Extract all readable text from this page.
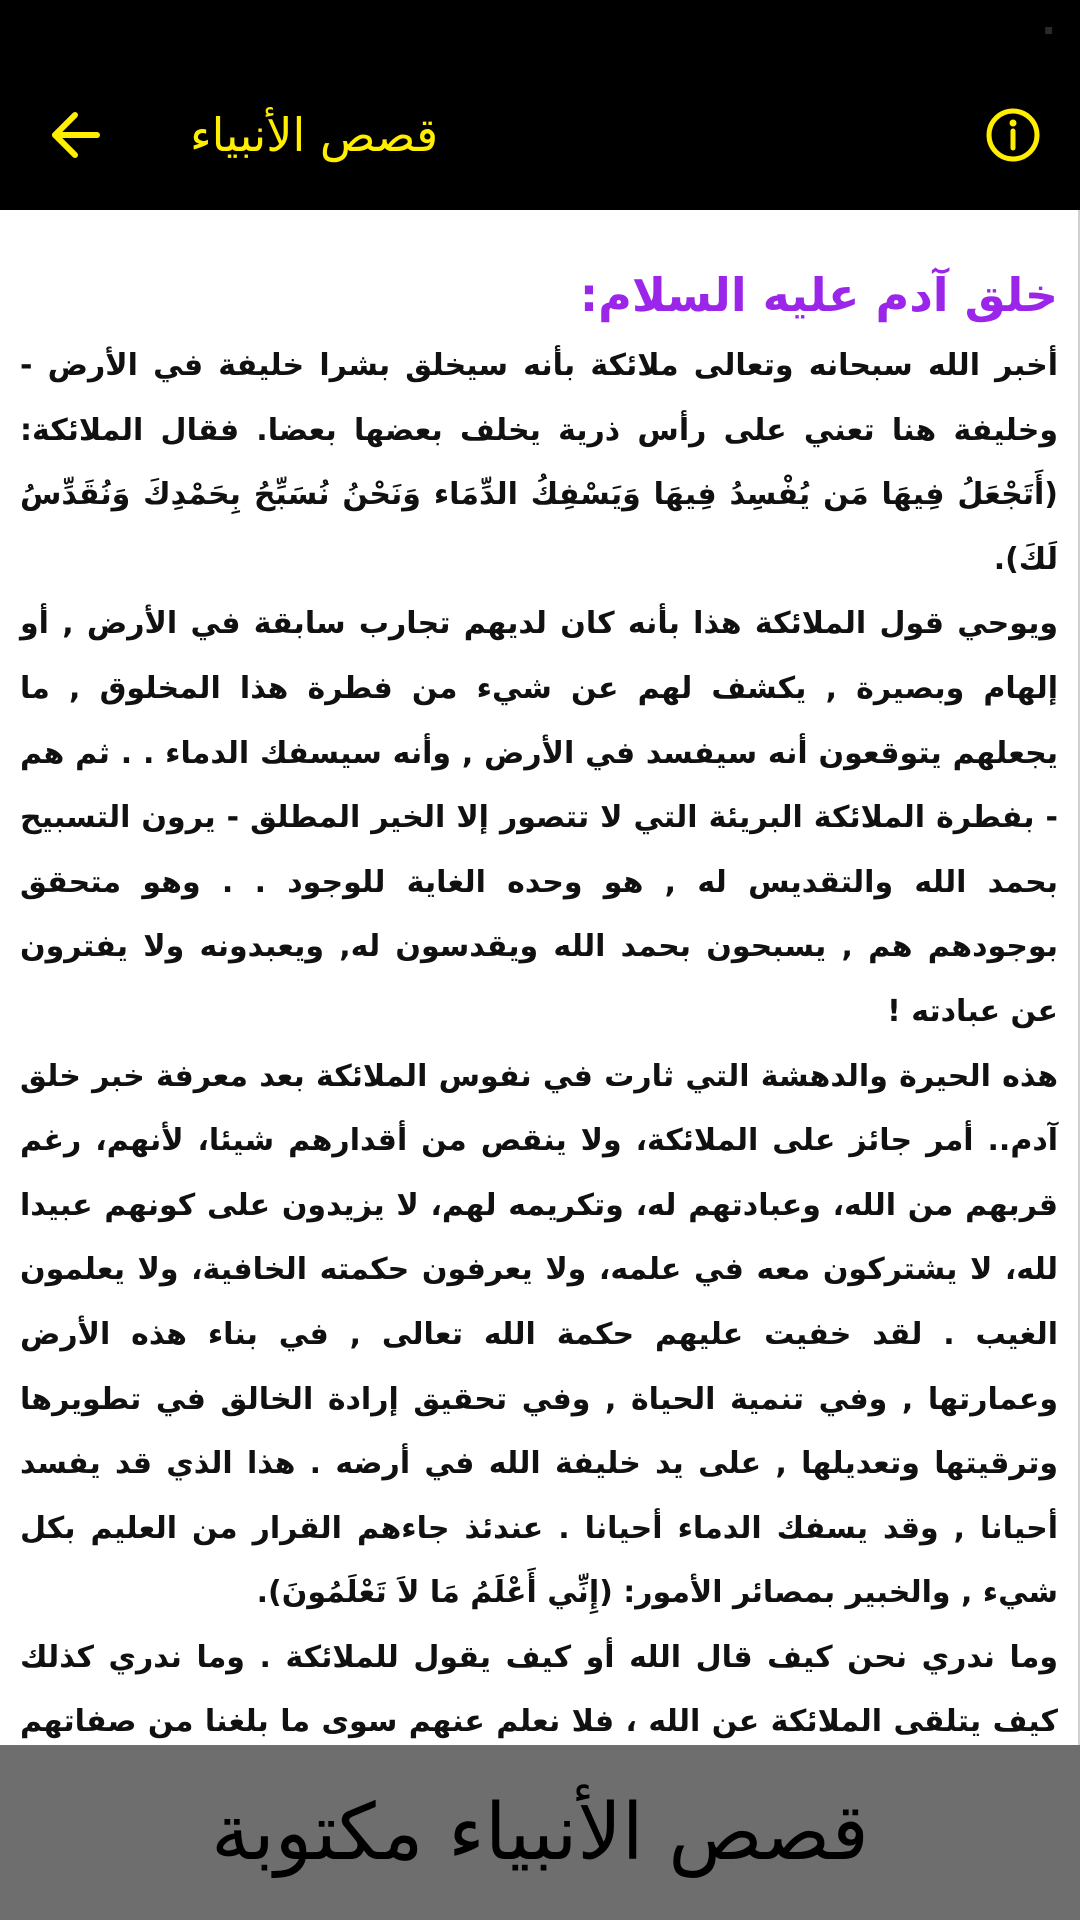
▪
قصص الأنبياء
خلق آدم عليه السلام:

أخبر الله سبحانه وتعالى ملائكة بأنه سيخلق بشرا خليفة في الأرض - وخليفة هنا تعني على رأس ذرية يخلف بعضها بعضا. فقال الملائكة: (أَتَجْعَلُ فِيهَا مَن يُفْسِدُ فِيهَا وَيَسْفِكُ الدِّمَاء وَنَحْنُ نُسَبِّحُ بِحَمْدِكَ وَنُقَدِّسُ لَكَ).

ويوحي قول الملائكة هذا بأنه كان لديهم تجارب سابقة في الأرض , أو إلهام وبصيرة , يكشف لهم عن شيء من فطرة هذا المخلوق , ما يجعلهم يتوقعون أنه سيفسد في الأرض , وأنه سيسفك الدماء . . ثم هم - بفطرة الملائكة البريئة التي لا تتصور إلا الخير المطلق - يرون التسبيح بحمد الله والتقديس له , هو وحده الغاية للوجود . . وهو متحقق بوجودهم هم , يسبحون بحمد الله ويقدسون له, ويعبدونه ولا يفترون عن عبادته !

هذه الحيرة والدهشة التي ثارت في نفوس الملائكة بعد معرفة خبر خلق آدم.. أمر جائز على الملائكة، ولا ينقص من أقدارهم شيئا، لأنهم، رغم قربهم من الله، وعبادتهم له، وتكريمه لهم، لا يزيدون على كونهم عبيدا لله، لا يشتركون معه في علمه، ولا يعرفون حكمته الخافية، ولا يعلمون الغيب . لقد خفيت عليهم حكمة الله تعالى , في بناء هذه الأرض وعمارتها , وفي تنمية الحياة , وفي تحقيق إرادة الخالق في تطويرها وترقيتها وتعديلها , على يد خليفة الله في أرضه . هذا الذي قد يفسد أحيانا , وقد يسفك الدماء أحيانا . عندئذ جاءهم القرار من العليم بكل شيء , والخبير بمصائر الأمور: (إِنِّي أَعْلَمُ مَا لاَ تَعْلَمُونَ).

وما ندري نحن كيف قال الله أو كيف يقول للملائكة . وما ندري كذلك كيف يتلقى الملائكة عن الله ، فلا نعلم عنهم سوى ما بلغنا من صفاتهم

قصص الأنبياء مكتوبة
